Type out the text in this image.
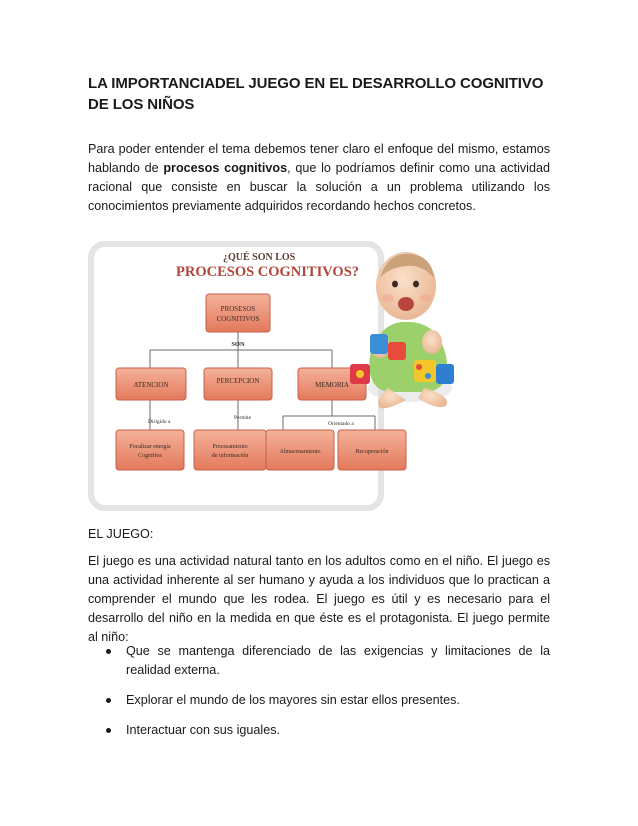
LA IMPORTANCIADEL JUEGO EN EL DESARROLLO COGNITIVO DE LOS NIÑOS
Para poder entender el tema debemos tener claro el enfoque del mismo, estamos hablando de procesos cognitivos, que lo podríamos definir como una actividad racional que consiste en buscar la solución a un problema utilizando los conocimientos previamente adquiridos recordando hechos concretos.
¿QUÉ SON LOS
PROCESOS COGNITIVOS?
PROSESOS
COGNITIVOS
SON
ATENCION	PERCEPCION	MEMORIA
Dirigido a
Permite
Orientado a
Focalizar energía
Cognitiva
Procesamiento
de información
Almacenamiento	Recuperación
EL JUEGO:
El juego es una actividad natural tanto en los adultos como en el niño. El juego es una actividad inherente al ser humano y ayuda a los individuos que lo practican a comprender el mundo que les rodea. El juego es útil y es necesario para el desarrollo del niño en la medida en que éste es el protagonista. El juego permite al niño:
Que se mantenga diferenciado de las exigencias y limitaciones de la realidad externa.
Explorar el mundo de los mayores sin estar ellos presentes.
Interactuar con sus iguales.
